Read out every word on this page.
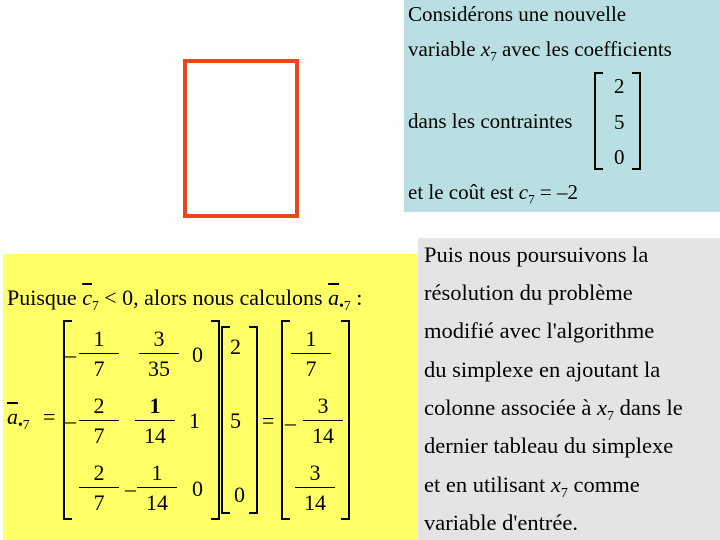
Considérons une nouvelle
variable $x_7$ avec les coefficients
dans les contraintes
2
5
0
et le coût est $c_7 = -2$
Puisque $\overline{c}_7 < 0$, alors nous calculons $\overline{a}_{•7}$ :
$\overline{a}_{•7}$ =
–
1
7
3
35
0
–
2
7
1
14
1
2
7
–
1
14
0
2
5
0
=
1
7
–
3
14
3
14
Puis nous poursuivons la
résolution du problème
modifié avec l'algorithme
du simplexe en ajoutant la
colonne associée à $x_7$ dans le
dernier tableau du simplexe
et en utilisant $x_7$ comme
variable d'entrée.
